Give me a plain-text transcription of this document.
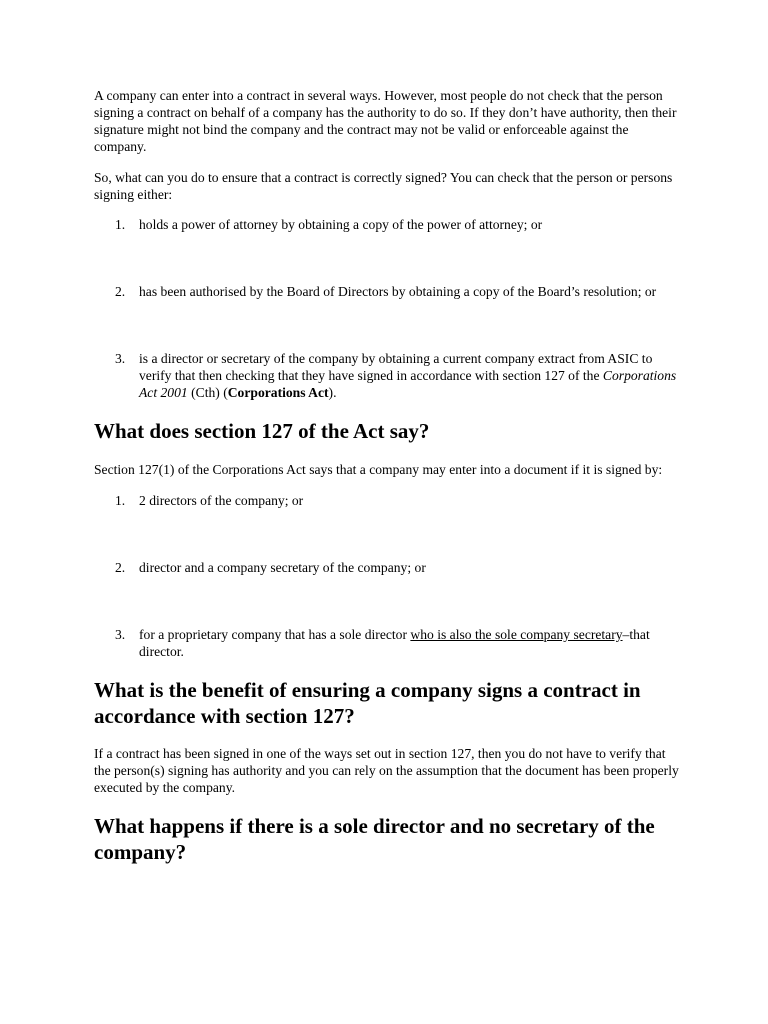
A company can enter into a contract in several ways. However, most people do not check that the person signing a contract on behalf of a company has the authority to do so. If they don’t have authority, then their signature might not bind the company and the contract may not be valid or enforceable against the company.

So, what can you do to ensure that a contract is correctly signed? You can check that the person or persons signing either:

1. holds a power of attorney by obtaining a copy of the power of attorney; or
2. has been authorised by the Board of Directors by obtaining a copy of the Board’s resolution; or
3. is a director or secretary of the company by obtaining a current company extract from ASIC to verify that then checking that they have signed in accordance with section 127 of the Corporations Act 2001 (Cth) (Corporations Act).
What does section 127 of the Act say?

Section 127(1) of the Corporations Act says that a company may enter into a document if it is signed by:

1. 2 directors of the company; or
2. director and a company secretary of the company; or
3. for a proprietary company that has a sole director who is also the sole company secretary–that director.
What is the benefit of ensuring a company signs a contract in accordance with section 127?

If a contract has been signed in one of the ways set out in section 127, then you do not have to verify that the person(s) signing has authority and you can rely on the assumption that the document has been properly executed by the company.

What happens if there is a sole director and no secretary of the company?
